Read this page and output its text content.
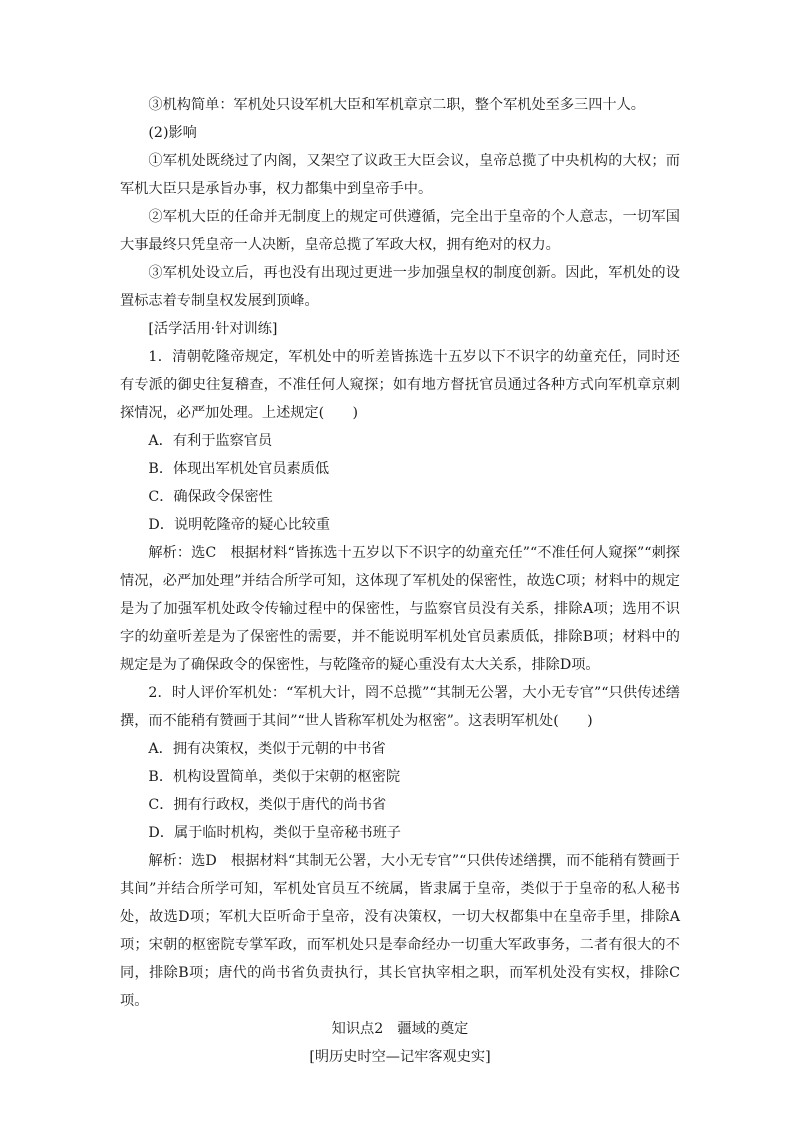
③机构简单：军机处只设军机大臣和军机章京二职，整个军机处至多三四十人。

(2)影响

①军机处既绕过了内阁，又架空了议政王大臣会议，皇帝总揽了中央机构的大权；而军机大臣只是承旨办事，权力都集中到皇帝手中。

②军机大臣的任命并无制度上的规定可供遵循，完全出于皇帝的个人意志，一切军国大事最终只凭皇帝一人决断，皇帝总揽了军政大权，拥有绝对的权力。

③军机处设立后，再也没有出现过更进一步加强皇权的制度创新。因此，军机处的设置标志着专制皇权发展到顶峰。

[活学活用·针对训练]

1．清朝乾隆帝规定，军机处中的听差皆拣选十五岁以下不识字的幼童充任，同时还有专派的御史往复稽查，不准任何人窥探；如有地方督抚官员通过各种方式向军机章京刺探情况，必严加处理。上述规定(　　)

A．有利于监察官员

B．体现出军机处官员素质低

C．确保政令保密性

D．说明乾隆帝的疑心比较重

解析：选C　根据材料“皆拣选十五岁以下不识字的幼童充任”“不准任何人窥探”“刺探情况，必严加处理”并结合所学可知，这体现了军机处的保密性，故选C项；材料中的规定是为了加强军机处政令传输过程中的保密性，与监察官员没有关系，排除A项；选用不识字的幼童听差是为了保密性的需要，并不能说明军机处官员素质低，排除B项；材料中的规定是为了确保政令的保密性，与乾隆帝的疑心重没有太大关系，排除D项。

2．时人评价军机处：“军机大计，罔不总揽”“其制无公署，大小无专官”“只供传述缮撰，而不能稍有赞画于其间”“世人皆称军机处为枢密”。这表明军机处(　　)

A．拥有决策权，类似于元朝的中书省

B．机构设置简单，类似于宋朝的枢密院

C．拥有行政权，类似于唐代的尚书省

D．属于临时机构，类似于皇帝秘书班子

解析：选D　根据材料“其制无公署，大小无专官”“只供传述缮撰，而不能稍有赞画于其间”并结合所学可知，军机处官员互不统属，皆隶属于皇帝，类似于于皇帝的私人秘书处，故选D项；军机大臣听命于皇帝，没有决策权，一切大权都集中在皇帝手里，排除A项；宋朝的枢密院专掌军政，而军机处只是奉命经办一切重大军政事务，二者有很大的不同，排除B项；唐代的尚书省负责执行，其长官执宰相之职，而军机处没有实权，排除C项。

知识点2　疆域的奠定

[明历史时空—记牢客观史实]
